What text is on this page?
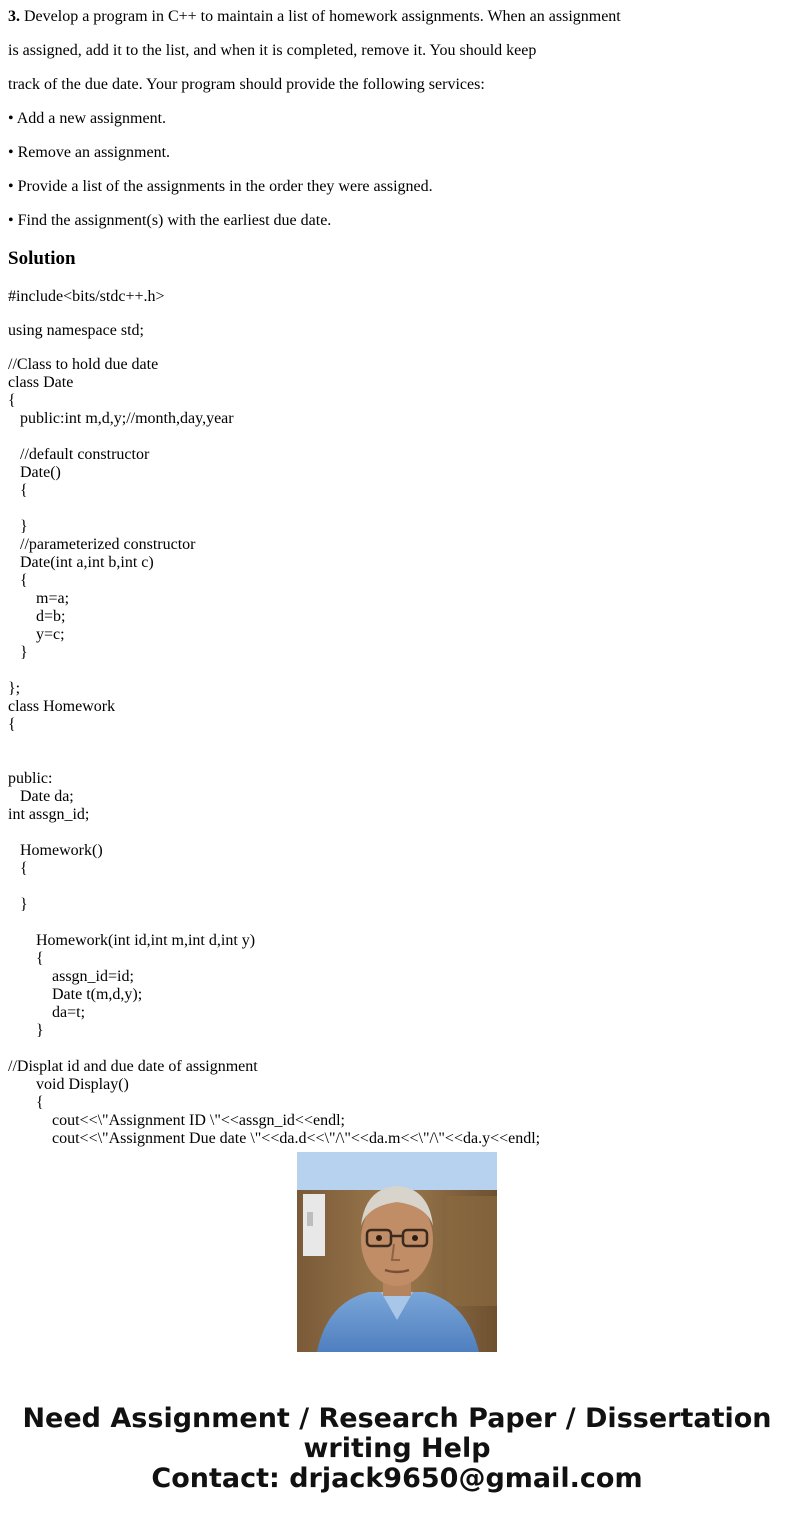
3. Develop a program in C++ to maintain a list of homework assignments. When an assignment
is assigned, add it to the list, and when it is completed, remove it. You should keep
track of the due date. Your program should provide the following services:
• Add a new assignment.
• Remove an assignment.
• Provide a list of the assignments in the order they were assigned.
• Find the assignment(s) with the earliest due date.
Solution
#include<bits/stdc++.h>
using namespace std;
//Class to hold due date
class Date
{
public:int m,d,y;//month,day,year
//default constructor
Date()
{
}
//parameterized constructor
Date(int a,int b,int c)
{
m=a;
d=b;
y=c;
}
};
class Homework
{
public:
Date da;
int assgn_id;
Homework()
{
}
Homework(int id,int m,int d,int y)
{
assgn_id=id;
Date t(m,d,y);
da=t;
}
//Displat id and due date of assignment
void Display()
{
cout<<\"Assignment ID \"<<assgn_id<<endl;
cout<<\"Assignment Due date \"<<da.d<<\"/\"<<da.m<<\"/\"<<da.y<<endl;
Need Assignment / Research Paper / Dissertation
writing Help
Contact: drjack9650@gmail.com
